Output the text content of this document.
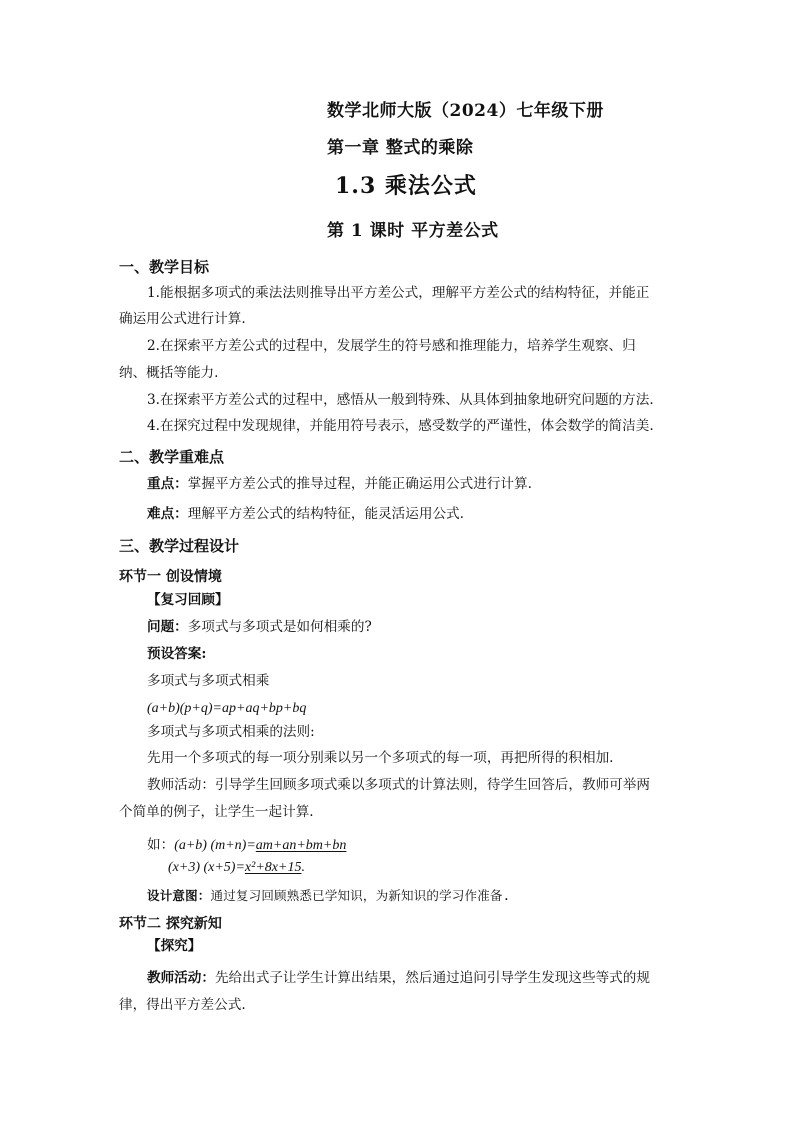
数学北师大版（2024）七年级下册
第一章 整式的乘除
1.3 乘法公式
第 1 课时 平方差公式
一、教学目标
1.能根据多项式的乘法法则推导出平方差公式，理解平方差公式的结构特征，并能正
确运用公式进行计算.
2.在探索平方差公式的过程中，发展学生的符号感和推理能力，培养学生观察、归
纳、概括等能力.
3.在探索平方差公式的过程中，感悟从一般到特殊、从具体到抽象地研究问题的方法.
4.在探究过程中发现规律，并能用符号表示，感受数学的严谨性，体会数学的简洁美.
二、教学重难点
重点：掌握平方差公式的推导过程，并能正确运用公式进行计算.
难点：理解平方差公式的结构特征，能灵活运用公式.
三、教学过程设计
环节一 创设情境
【复习回顾】
问题：多项式与多项式是如何相乘的?
预设答案:
多项式与多项式相乘
(a+b)(p+q)=ap+aq+bp+bq
多项式与多项式相乘的法则:
先用一个多项式的每一项分别乘以另一个多项式的每一项，再把所得的积相加.
教师活动：引导学生回顾多项式乘以多项式的计算法则，待学生回答后，教师可举两
个简单的例子，让学生一起计算.
如：(a+b) (m+n)=am+an+bm+bn
(x+3) (x+5)=x²+8x+15.
设计意图：通过复习回顾熟悉已学知识，为新知识的学习作准备.
环节二 探究新知
【探究】
教师活动：先给出式子让学生计算出结果，然后通过追问引导学生发现这些等式的规
律，得出平方差公式.
